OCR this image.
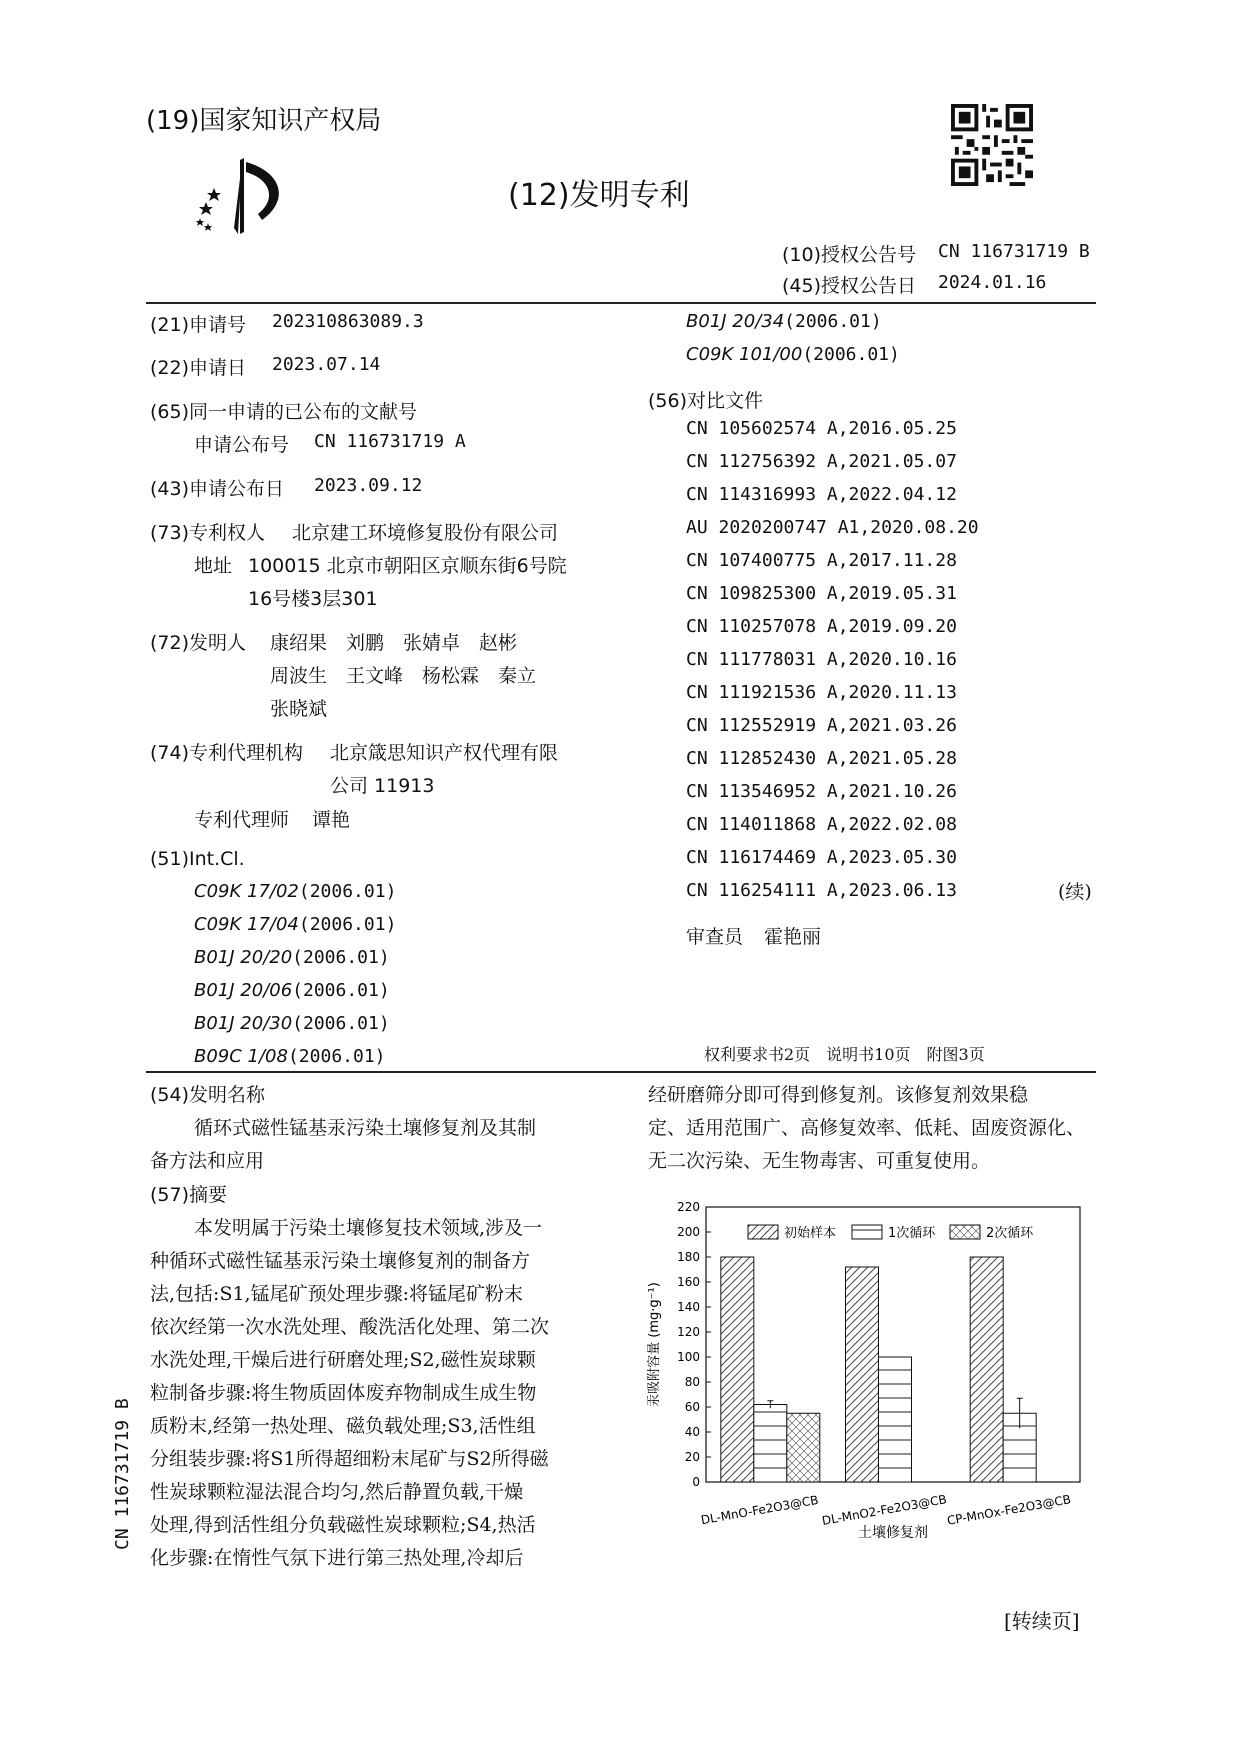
(19)国家知识产权局
(12)发明专利
(10)授权公告号 CN 116731719 B
(45)授权公告日 2024.01.16
(21)申请号 202310863089.3
(22)申请日 2023.07.14
(65)同一申请的已公布的文献号
申请公布号 CN 116731719 A
(43)申请公布日 2023.09.12
(73)专利权人 北京建工环境修复股份有限公司
地址 100015 北京市朝阳区京顺东街6号院
16号楼3层301
(72)发明人 康绍果　刘鹏　张婧卓　赵彬
周波生　王文峰　杨松霖　秦立
张晓斌
(74)专利代理机构 北京箴思知识产权代理有限
公司 11913
专利代理师 谭艳
(51)Int.Cl.
C09K 17/02(2006.01)
C09K 17/04(2006.01)
B01J 20/20(2006.01)
B01J 20/06(2006.01)
B01J 20/30(2006.01)
B09C 1/08(2006.01)
B01J 20/34(2006.01)
C09K 101/00(2006.01)
(56)对比文件
CN 105602574 A,2016.05.25
CN 112756392 A,2021.05.07
CN 114316993 A,2022.04.12
AU 2020200747 A1,2020.08.20
CN 107400775 A,2017.11.28
CN 109825300 A,2019.05.31
CN 110257078 A,2019.09.20
CN 111778031 A,2020.10.16
CN 111921536 A,2020.11.13
CN 112552919 A,2021.03.26
CN 112852430 A,2021.05.28
CN 113546952 A,2021.10.26
CN 114011868 A,2022.02.08
CN 116174469 A,2023.05.30
CN 116254111 A,2023.06.13	(续)
审查员 霍艳丽
权利要求书2页　说明书10页　附图3页
(54)发明名称
循环式磁性锰基汞污染土壤修复剂及其制
备方法和应用
(57)摘要
本发明属于污染土壤修复技术领域,涉及一
种循环式磁性锰基汞污染土壤修复剂的制备方
法,包括:S1,锰尾矿预处理步骤:将锰尾矿粉末
依次经第一次水洗处理、酸洗活化处理、第二次
水洗处理,干燥后进行研磨处理;S2,磁性炭球颗
粒制备步骤:将生物质固体废弃物制成生成生物
质粉末,经第一热处理、磁负载处理;S3,活性组
分组装步骤:将S1所得超细粉末尾矿与S2所得磁
性炭球颗粒湿法混合均匀,然后静置负载,干燥
处理,得到活性组分负载磁性炭球颗粒;S4,热活
化步骤:在惰性气氛下进行第三热处理,冷却后
经研磨筛分即可得到修复剂。该修复剂效果稳
定、适用范围广、高修复效率、低耗、固废资源化、
无二次污染、无生物毒害、可重复使用。
CN 116731719 B	0
20
40
60
80
100
120
140
160
180
200
220
汞吸附容量 (mg·g⁻¹)
土壤修复剂
DL-MnO-Fe2O3@CB DL-MnO2-Fe2O3@CB
CP-MnOx-Fe2O3@CB
初始样本	1次循环	2次循环
[转续页]
